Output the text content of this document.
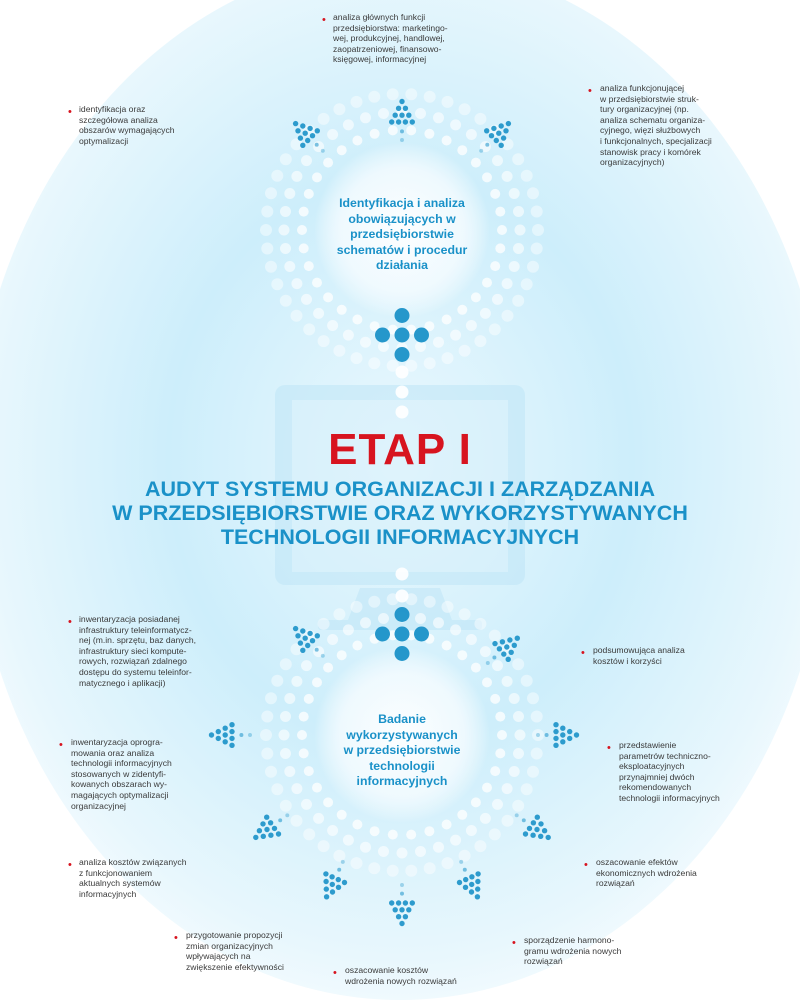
ETAP I
AUDYT SYSTEMU ORGANIZACJI I ZARZĄDZANIA
W PRZEDSIĘBIORSTWIE ORAZ WYKORZYSTYWANYCH
TECHNOLOGII INFORMACYJNYCH
Identyfikacja i analiza
obowiązujących w
przedsiębiorstwie
schematów i procedur
działania
Badanie
wykorzystywanych
w przedsiębiorstwie
technologii
informacyjnych
• analiza głównych funkcji
przedsiębiorstwa: marketingo-
wej, produkcyjnej, handlowej,
zaopatrzeniowej, finansowo-
księgowej, informacyjnej
• identyfikacja oraz
szczegółowa analiza
obszarów wymagających
optymalizacji
• analiza funkcjonującej
w przedsiębiorstwie struk-
tury organizacyjnej (np.
analiza schematu organiza-
cyjnego, więzi służbowych
i funkcjonalnych, specjalizacji
stanowisk pracy i komórek
organizacyjnych)
• inwentaryzacja posiadanej
infrastruktury teleinformatycz-
nej (m.in. sprzętu, baz danych,
infrastruktury sieci kompute-
rowych, rozwiązań zdalnego
dostępu do systemu teleinfor-
matycznego i aplikacji)
• podsumowująca analiza
kosztów i korzyści
• inwentaryzacja oprogra-
mowania oraz analiza
technologii informacyjnych
stosowanych w zidentyfi-
kowanych obszarach wy-
magających optymalizacji
organizacyjnej
• przedstawienie
parametrów techniczno-
eksploatacyjnych
przynajmniej dwóch
rekomendowanych
technologii informacyjnych
• analiza kosztów związanych
z funkcjonowaniem
aktualnych systemów
informacyjnych
• oszacowanie efektów
ekonomicznych wdrożenia
rozwiązań
• przygotowanie propozycji
zmian organizacyjnych
wpływających na
zwiększenie efektywności
• sporządzenie harmono-
gramu wdrożenia nowych
rozwiązań
• oszacowanie kosztów
wdrożenia nowych rozwiązań
